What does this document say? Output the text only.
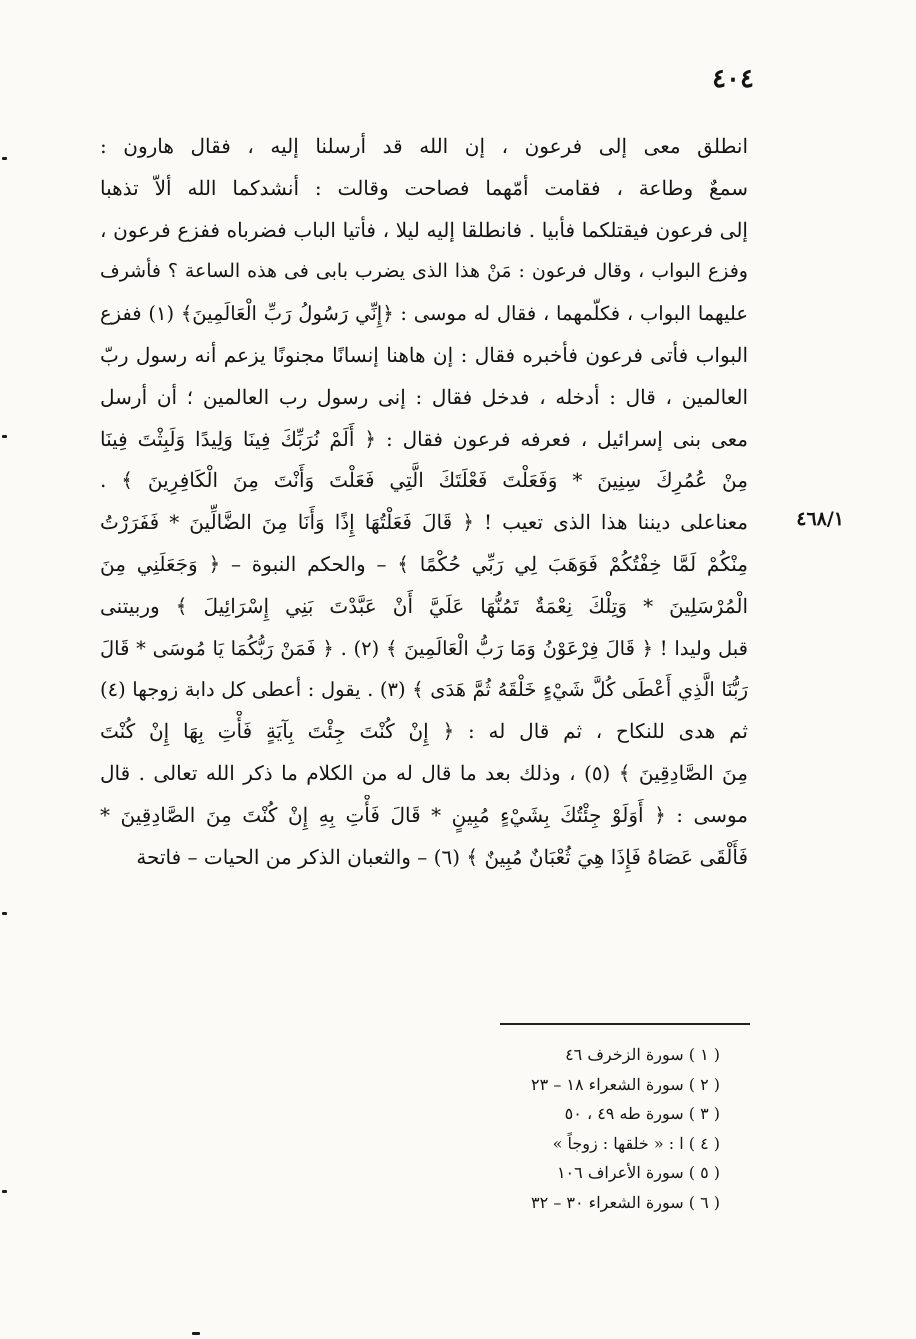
٤٠٤
انطلق معى إلى فرعون ، إن الله قد أرسلنا إليه ، فقال هارون :
سمعٌ وطاعة ، فقامت أمّهما فصاحت وقالت : أنشدكما الله ألاّ تذهبا
إلى فرعون فيقتلكما فأبيا . فانطلقا إليه ليلا ، فأتيا الباب فضرباه ففزع فرعون ،
وفزع البواب ، وقال فرعون : مَنْ هذا الذى يضرب بابى فى هذه الساعة ؟ فأشرف
عليهما البواب ، فكلّمهما ، فقال له موسى : ﴿إِنِّي رَسُولُ رَبِّ الْعَالَمِينَ﴾ (١) ففزع
البواب فأتى فرعون فأخبره فقال : إن هاهنا إنسانًا مجنونًا يزعم أنه رسول ربّ
العالمين ، قال : أدخله ، فدخل فقال : إنى رسول رب العالمين ؛ أن أرسل
معى بنى إسرائيل ، فعرفه فرعون فقال : ﴿ أَلَمْ نُرَبِّكَ فِينَا وَلِيدًا وَلَبِثْتَ فِينَا
مِنْ عُمُرِكَ سِنِينَ * وَفَعَلْتَ فَعْلَتَكَ الَّتِي فَعَلْتَ وَأَنْتَ مِنَ الْكَافِرِينَ ﴾ .
معناعلى ديننا هذا الذى تعيب ! ﴿ قَالَ فَعَلْتُهَا إِذًا وَأَنَا مِنَ الضَّالِّينَ * فَفَرَرْتُ
مِنْكُمْ لَمَّا خِفْتُكُمْ فَوَهَبَ لِي رَبِّي حُكْمًا ﴾ – والحكم النبوة – ﴿ وَجَعَلَنِي مِنَ
الْمُرْسَلِينَ * وَتِلْكَ نِعْمَةٌ تَمُنُّهَا عَلَيَّ أَنْ عَبَّدْتَ بَنِي إِسْرَائِيلَ ﴾ وربيتنى
قبل وليدا ! ﴿ قَالَ فِرْعَوْنُ وَمَا رَبُّ الْعَالَمِينَ ﴾ (٢) . ﴿ فَمَنْ رَبُّكُمَا يَا مُوسَى * قَالَ
رَبُّنَا الَّذِي أَعْطَى كُلَّ شَيْءٍ خَلْقَهُ ثُمَّ هَدَى ﴾ (٣) . يقول : أعطى كل دابة زوجها (٤)
ثم هدى للنكاح ، ثم قال له : ﴿ إِنْ كُنْتَ جِئْتَ بِآيَةٍ فَأْتِ بِهَا إِنْ كُنْتَ
مِنَ الصَّادِقِينَ ﴾ (٥) ، وذلك بعد ما قال له من الكلام ما ذكر الله تعالى . قال
موسى : ﴿ أَوَلَوْ جِئْتُكَ بِشَيْءٍ مُبِينٍ * قَالَ فَأْتِ بِهِ إِنْ كُنْتَ مِنَ الصَّادِقِينَ *
فَأَلْقَى عَصَاهُ فَإِذَا هِيَ ثُعْبَانٌ مُبِينٌ ﴾ (٦) – والثعبان الذكر من الحيات – فاتحة
٤٦٨/١
( ١ ) سورة الزخرف ٤٦
( ٢ ) سورة الشعراء ١٨ – ٢٣
( ٣ ) سورة طه ٤٩ ، ٥٠
( ٤ ) ا : « خلقها : زوجاً »
( ٥ ) سورة الأعراف ١٠٦
( ٦ ) سورة الشعراء ٣٠ – ٣٢
